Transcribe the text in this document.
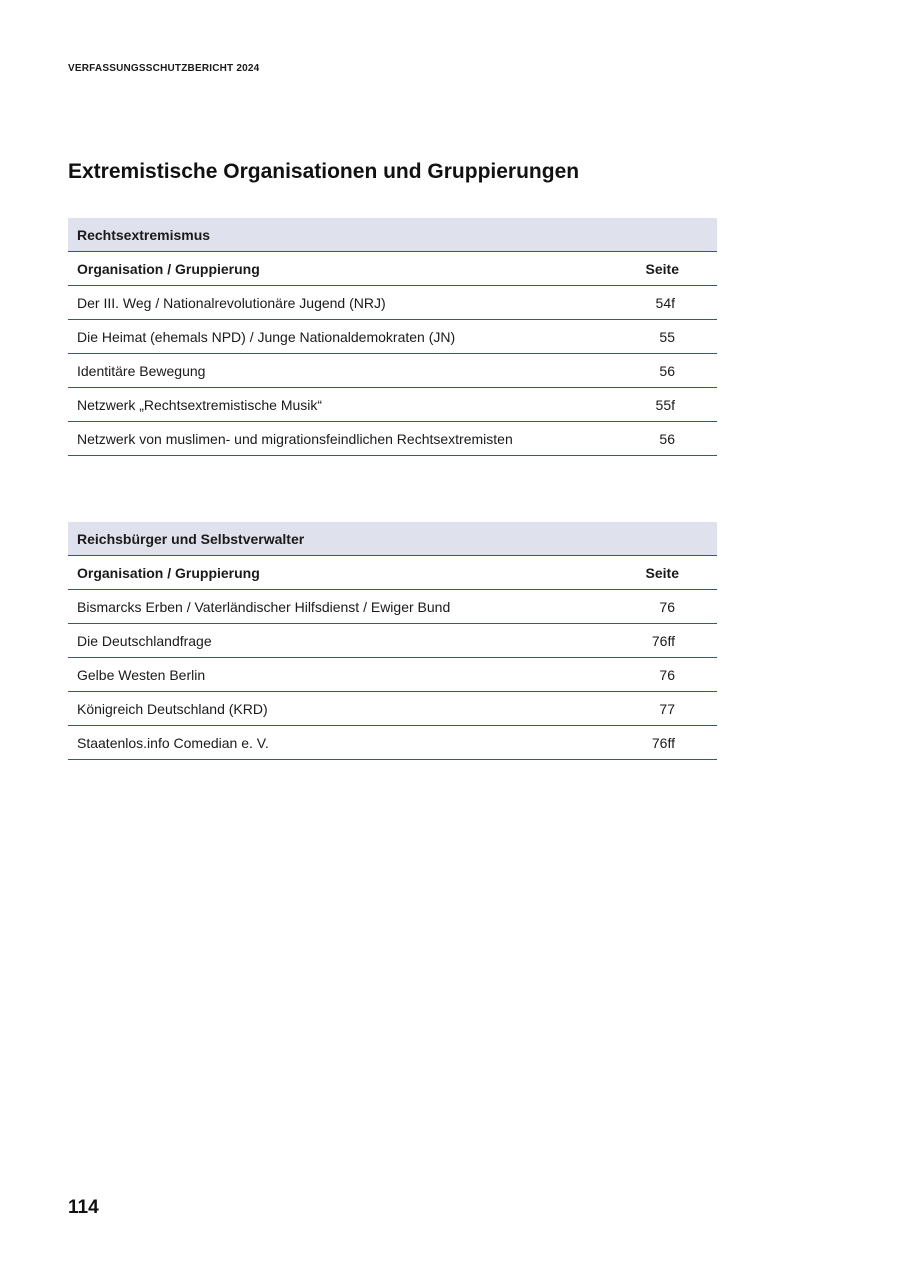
VERFASSUNGSSCHUTZBERICHT 2024
Extremistische Organisationen und Gruppierungen
Rechtsextremismus	
Organisation / Gruppierung	Seite
Der III. Weg / Nationalrevolutionäre Jugend (NRJ)	54f
Die Heimat (ehemals NPD) / Junge Nationaldemokraten (JN)	55
Identitäre Bewegung	56
Netzwerk „Rechtsextremistische Musik“	55f
Netzwerk von muslimen- und migrationsfeindlichen Rechtsextremisten	56
Reichsbürger und Selbstverwalter	
Organisation / Gruppierung	Seite
Bismarcks Erben / Vaterländischer Hilfsdienst / Ewiger Bund	76
Die Deutschlandfrage	76ff
Gelbe Westen Berlin	76
Königreich Deutschland (KRD)	77
Staatenlos.info Comedian e. V.	76ff
114
